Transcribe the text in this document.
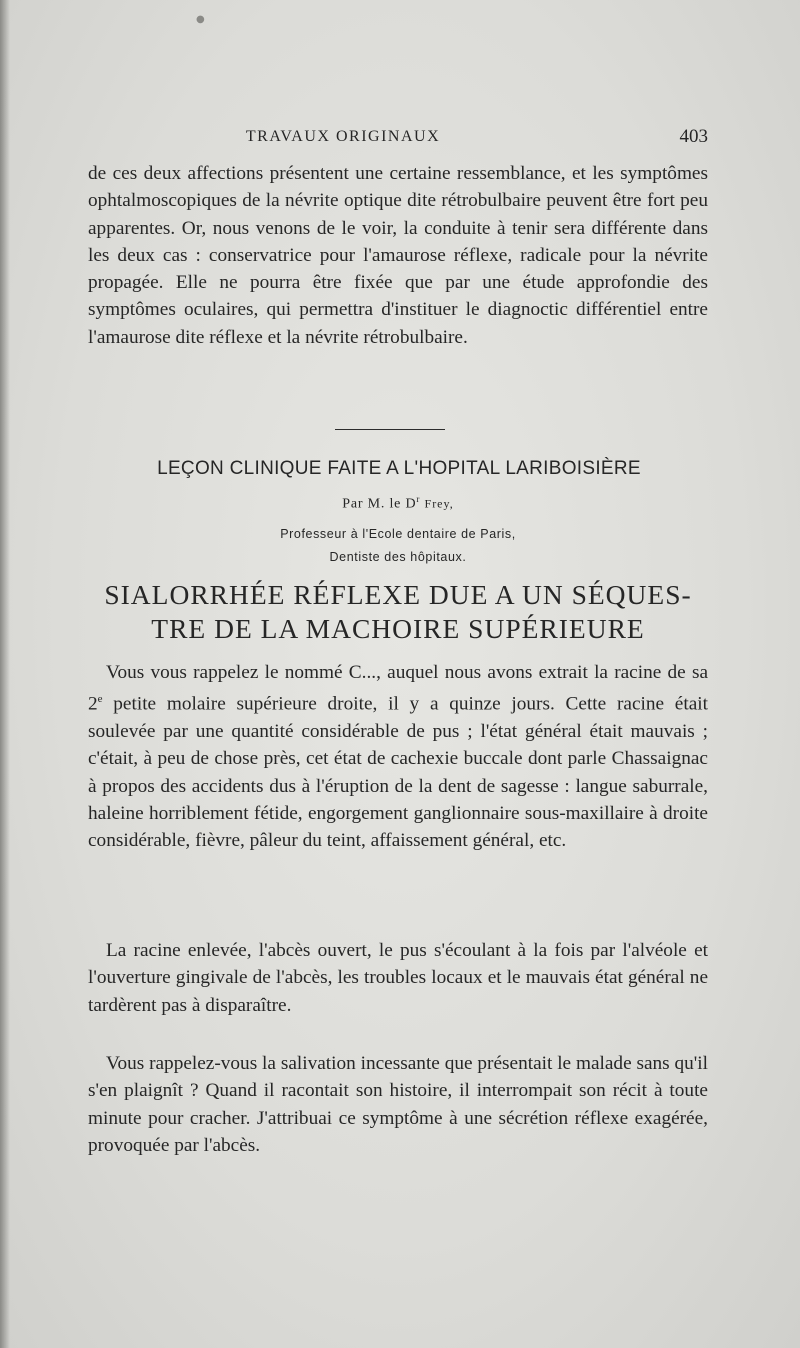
●
TRAVAUX ORIGINAUX	403
de ces deux affections présentent une certaine ressemblance, et les symptômes ophtalmoscopiques de la névrite optique dite rétrobulbaire peuvent être fort peu apparentes. Or, nous venons de le voir, la conduite à tenir sera différente dans les deux cas : conservatrice pour l'amaurose réflexe, radicale pour la névrite propagée. Elle ne pourra être fixée que par une étude approfondie des symptômes oculaires, qui permettra d'instituer le diagnoctic différentiel entre l'amaurose dite réflexe et la névrite rétrobulbaire.
LEÇON CLINIQUE FAITE A L'HOPITAL LARIBOISIÈRE
Par M. le $D^r$ Frey,
Professeur à l'Ecole dentaire de Paris,
Dentiste des hôpitaux.
SIALORRHÉE RÉFLEXE DUE A UN SÉQUES-
TRE DE LA MACHOIRE SUPÉRIEURE
Vous vous rappelez le nommé C..., auquel nous avons extrait la racine de sa 2e petite molaire supérieure droite, il y a quinze jours. Cette racine était soulevée par une quantité considérable de pus ; l'état général était mauvais ; c'était, à peu de chose près, cet état de cachexie buccale dont parle Chassaignac à propos des accidents dus à l'éruption de la dent de sagesse : langue saburrale, haleine horriblement fétide, engorgement ganglionnaire sous-maxillaire à droite considérable, fièvre, pâleur du teint, affaissement général, etc.
La racine enlevée, l'abcès ouvert, le pus s'écoulant à la fois par l'alvéole et l'ouverture gingivale de l'abcès, les troubles locaux et le mauvais état général ne tardèrent pas à disparaître.
Vous rappelez-vous la salivation incessante que présentait le malade sans qu'il s'en plaignît ? Quand il racontait son histoire, il interrompait son récit à toute minute pour cracher. J'attribuai ce symptôme à une sécrétion réflexe exagérée, provoquée par l'abcès.
